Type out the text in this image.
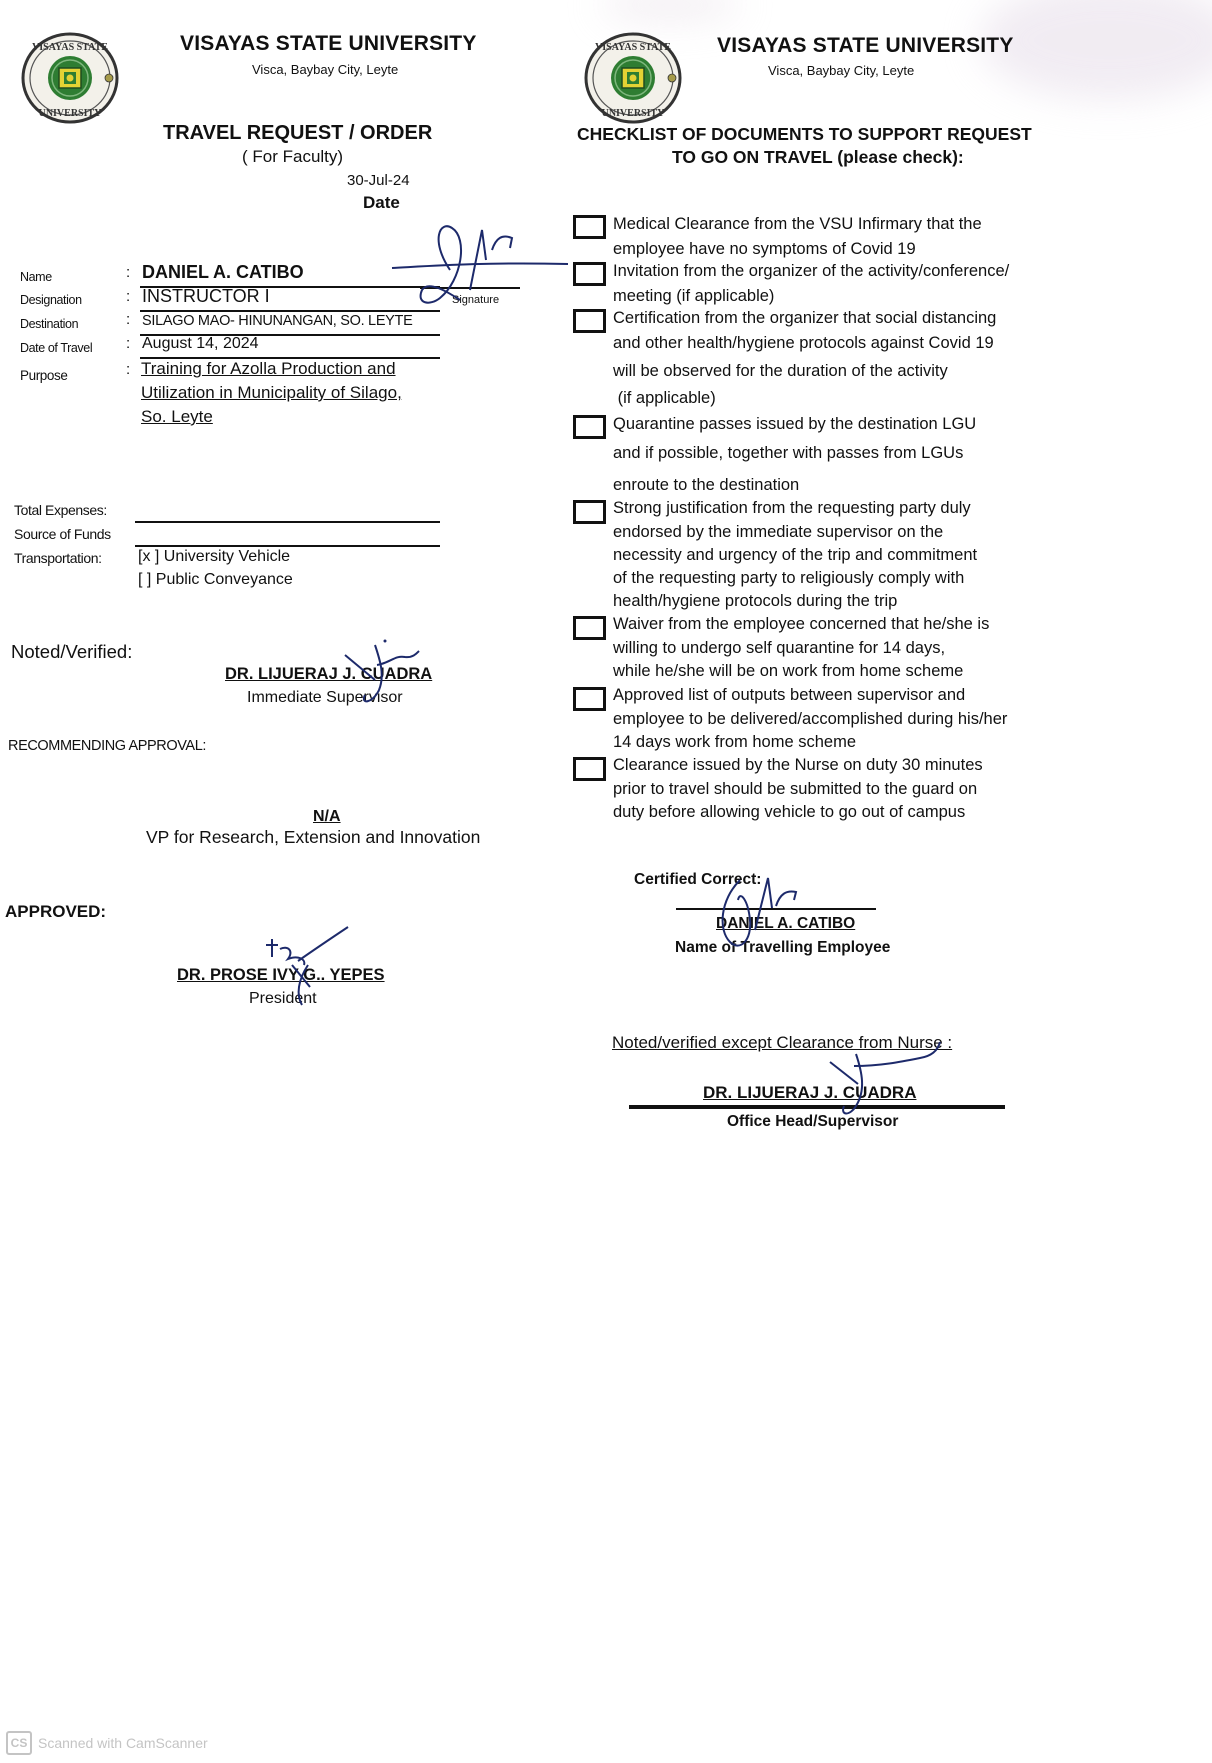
VISAYAS STATE
UNIVERSITY
VISAYAS STATE UNIVERSITY
Visca, Baybay City, Leyte
TRAVEL REQUEST / ORDER
( For Faculty)
30-Jul-24
Date
Name	: DANIEL A. CATIBO
Designation	: INSTRUCTOR I	Signature
Destination	: SILAGO MAO- HINUNANGAN, SO. LEYTE
Date of Travel : August 14, 2024
Purpose	: Training for Azolla Production and
Utilization in Municipality of Silago,
So. Leyte
Total Expenses:
Source of Funds
Transportation: [x ] University Vehicle
[ ] Public Conveyance
Noted/Verified:
DR. LIJUERAJ J. CUADRA
Immediate Supervisor
RECOMMENDING APPROVAL:
N/A
VP for Research, Extension and Innovation
APPROVED:
DR. PROSE IVY G.. YEPES
President
VISAYAS STATE
UNIVERSITY
VISAYAS STATE UNIVERSITY
Visca, Baybay City, Leyte
CHECKLIST OF DOCUMENTS TO SUPPORT REQUEST
TO GO ON TRAVEL (please check):
Medical Clearance from the VSU Infirmary that the
employee have no symptoms of Covid 19
Invitation from the organizer of the activity/conference/
meeting (if applicable)
Certification from the organizer that social distancing
and other health/hygiene protocols against Covid 19
will be observed for the duration of the activity
(if applicable)
Quarantine passes issued by the destination LGU
and if possible, together with passes from LGUs
enroute to the destination
Strong justification from the requesting party duly
endorsed by the immediate supervisor on the
necessity and urgency of the trip and commitment
of the requesting party to religiously comply with
health/hygiene protocols during the trip
Waiver from the employee concerned that he/she is
willing to undergo self quarantine for 14 days,
while he/she will be on work from home scheme
Approved list of outputs between supervisor and
employee to be delivered/accomplished during his/her
14 days work from home scheme
Clearance issued by the Nurse on duty 30 minutes
prior to travel should be submitted to the guard on
duty before allowing vehicle to go out of campus
Certified Correct:
DANIEL A. CATIBO
Name of Travelling Employee
Noted/verified except Clearance from Nurse :
DR. LIJUERAJ J. CUADRA
Office Head/Supervisor
CS Scanned with CamScanner
